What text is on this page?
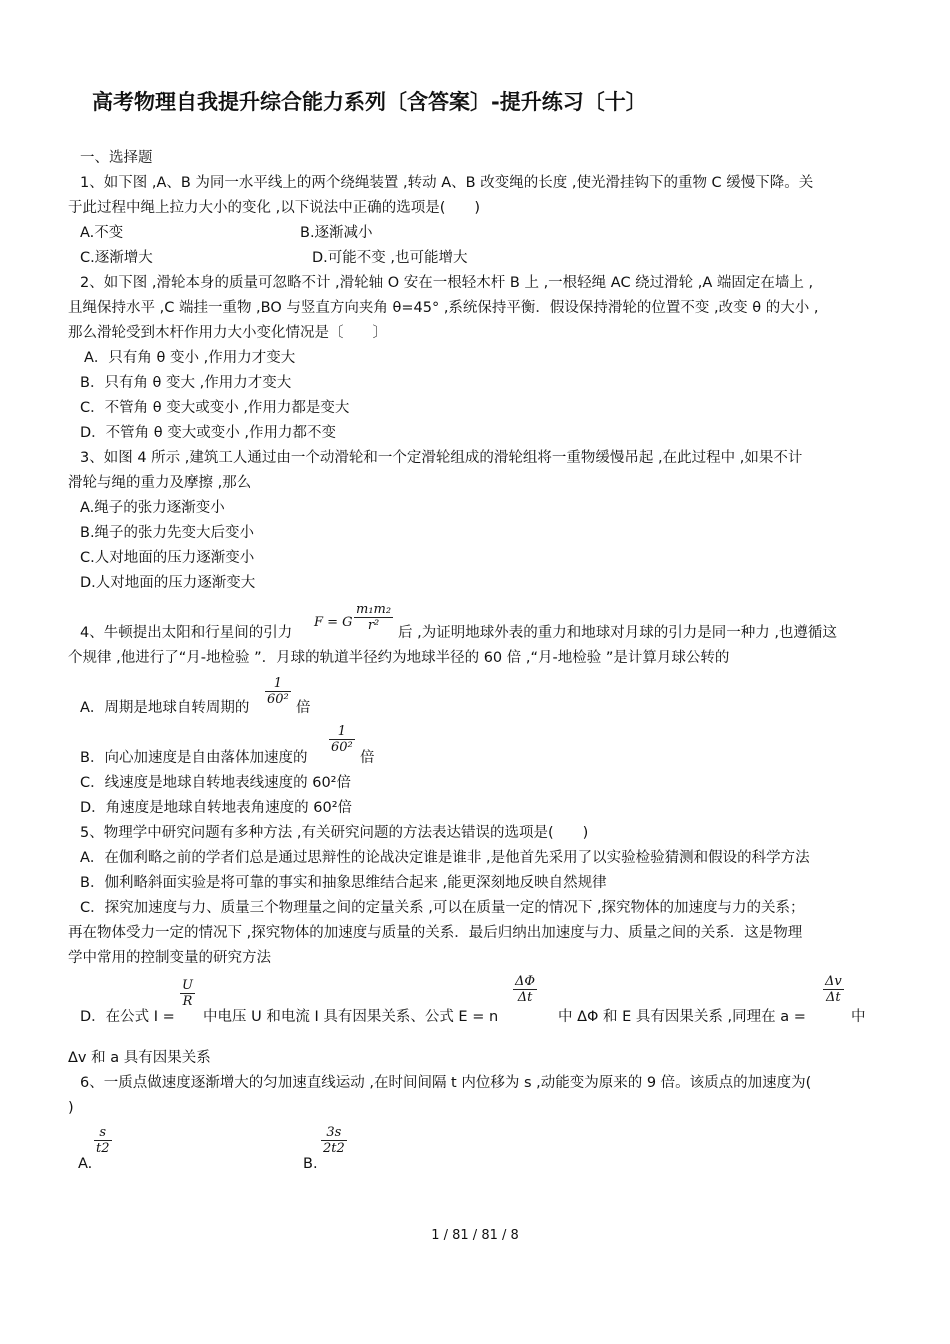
高考物理自我提升综合能力系列〔含答案〕-提升练习〔十〕
一、选择题
1、如下图 ,A、B 为同一水平线上的两个绕绳装置 ,转动 A、B 改变绳的长度 ,使光滑挂钩下的重物 C 缓慢下降。关
于此过程中绳上拉力大小的变化 ,以下说法中正确的选项是(　　)
A.不变	B.逐渐减小
C.逐渐增大	D.可能不变 ,也可能增大
2、如下图 ,滑轮本身的质量可忽略不计 ,滑轮轴 O 安在一根轻木杆 B 上 ,一根轻绳 AC 绕过滑轮 ,A 端固定在墙上 ,
且绳保持水平 ,C 端挂一重物 ,BO 与竖直方向夹角 θ=45° ,系统保持平衡．假设保持滑轮的位置不变 ,改变 θ 的大小 ,
那么滑轮受到木杆作用力大小变化情况是〔　　〕
A．只有角 θ 变小 ,作用力才变大
B．只有角 θ 变大 ,作用力才变大
C．不管角 θ 变大或变小 ,作用力都是变大
D．不管角 θ 变大或变小 ,作用力都不变
3、如图 4 所示 ,建筑工人通过由一个动滑轮和一个定滑轮组成的滑轮组将一重物缓慢吊起 ,在此过程中 ,如果不计
滑轮与绳的重力及摩擦 ,那么
A.绳子的张力逐渐变小
B.绳子的张力先变大后变小
C.人对地面的压力逐渐变小
D.人对地面的压力逐渐变大
4、牛顿提出太阳和行星间的引力
F = G $\frac{\text{m₁m₂}}{\text{r²}}$ 后 ,为证明地球外表的重力和地球对月球的引力是同一种力 ,也遵循这
个规律 ,他进行了“月-地检验 ”．月球的轨道半径约为地球半径的 60 倍 ,“月-地检验 ”是计算月球公转的
A．周期是地球自转周期的
$\frac{1}{\text{60²}}$
倍
B．向心加速度是自由落体加速度的
$\frac{1}{\text{60²}}$
倍
C．线速度是地球自转地表线速度的 60²倍
D．角速度是地球自转地表角速度的 60²倍
5、物理学中研究问题有多种方法 ,有关研究问题的方法表达错误的选项是(　　)
A．在伽利略之前的学者们总是通过思辩性的论战决定谁是谁非 ,是他首先采用了以实验检验猜测和假设的科学方法
B．伽利略斜面实验是将可靠的事实和抽象思维结合起来 ,能更深刻地反映自然规律
C．探究加速度与力、质量三个物理量之间的定量关系 ,可以在质量一定的情况下 ,探究物体的加速度与力的关系；
再在物体受力一定的情况下 ,探究物体的加速度与质量的关系．最后归纳出加速度与力、质量之间的关系．这是物理
学中常用的控制变量的研究方法
D．在公式 I =
$\frac{U}{R}$
中电压 U 和电流 I 具有因果关系、公式 E = n
$\frac{\Delta\Phi}{\Delta t}$
中 ΔΦ 和 E 具有因果关系 ,同理在 a =
$\frac{\Delta v}{\Delta t}$
中
Δv 和 a 具有因果关系
6、一质点做速度逐渐增大的匀加速直线运动 ,在时间间隔 t 内位移为 s ,动能变为原来的 9 倍。该质点的加速度为(
)
A.
$\frac{s}{t2}$
B.
$\frac{3s}{2t2}$
1 / 81 / 81 / 8
